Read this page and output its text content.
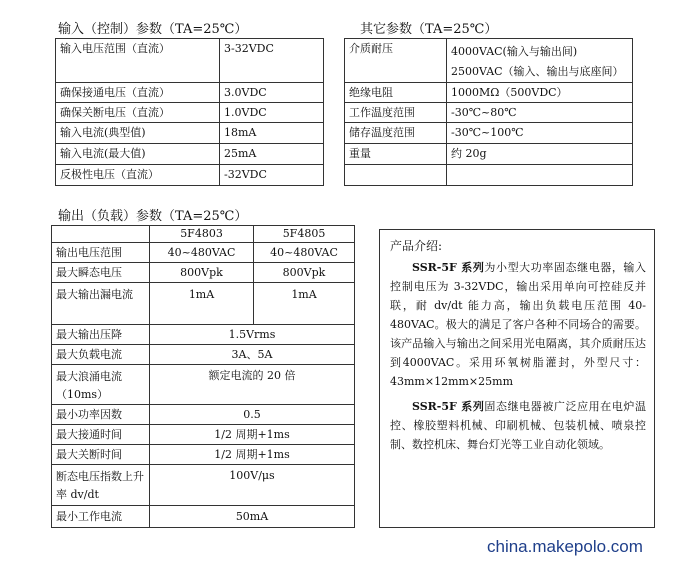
输入（控制）参数（TA=25℃）	其它参数（TA=25℃）
输入电压范围（直流）	3-32VDC		介质耐压	4000VAC(输入与输出间)
2500VAC（输入、输出与底座间）

确保接通电压（直流）	3.0VDC		绝缘电阻	1000MΩ（500VDC）
确保关断电压（直流）	1.0VDC		工作温度范围	-30℃~80℃
输入电流(典型值)	18mA		储存温度范围	-30℃~100℃
输入电流(最大值)	25mA		重量	约 20g
反极性电压（直流）	-32VDC			
输出（负载）参数（TA=25℃）
	5F4803	5F4805
输出电压范围	40~480VAC	40~480VAC
最大瞬态电压	800Vpk	800Vpk
最大输出漏电流	1mA	1mA
最大输出压降	1.5Vrms	
最大负载电流	3A、5A	
最大浪涌电流（10ms）	额定电流的 20 倍	
最小功率因数	0.5	
最大接通时间	1/2 周期+1ms	
最大关断时间	1/2 周期+1ms	
断态电压指数上升率 dv/dt	100V/μs	
最小工作电流	50mA	
产品介绍:

SSR-5F 系列为小型大功率固态继电器，输入控制电压为 3-32VDC，输出采用单向可控硅反并联，耐 dv/dt 能力高，输出负载电压范围 40-480VAC。极大的满足了客户各种不同场合的需要。该产品输入与输出之间采用光电隔离，其介质耐压达到4000VAC。采用环氧树脂灌封，外型尺寸：43mm×12mm×25mm

SSR-5F 系列固态继电器被广泛应用在电炉温控、橡胶塑料机械、印刷机械、包装机械、喷泉控制、数控机床、舞台灯光等工业自动化领域。

china.makepolo.com
